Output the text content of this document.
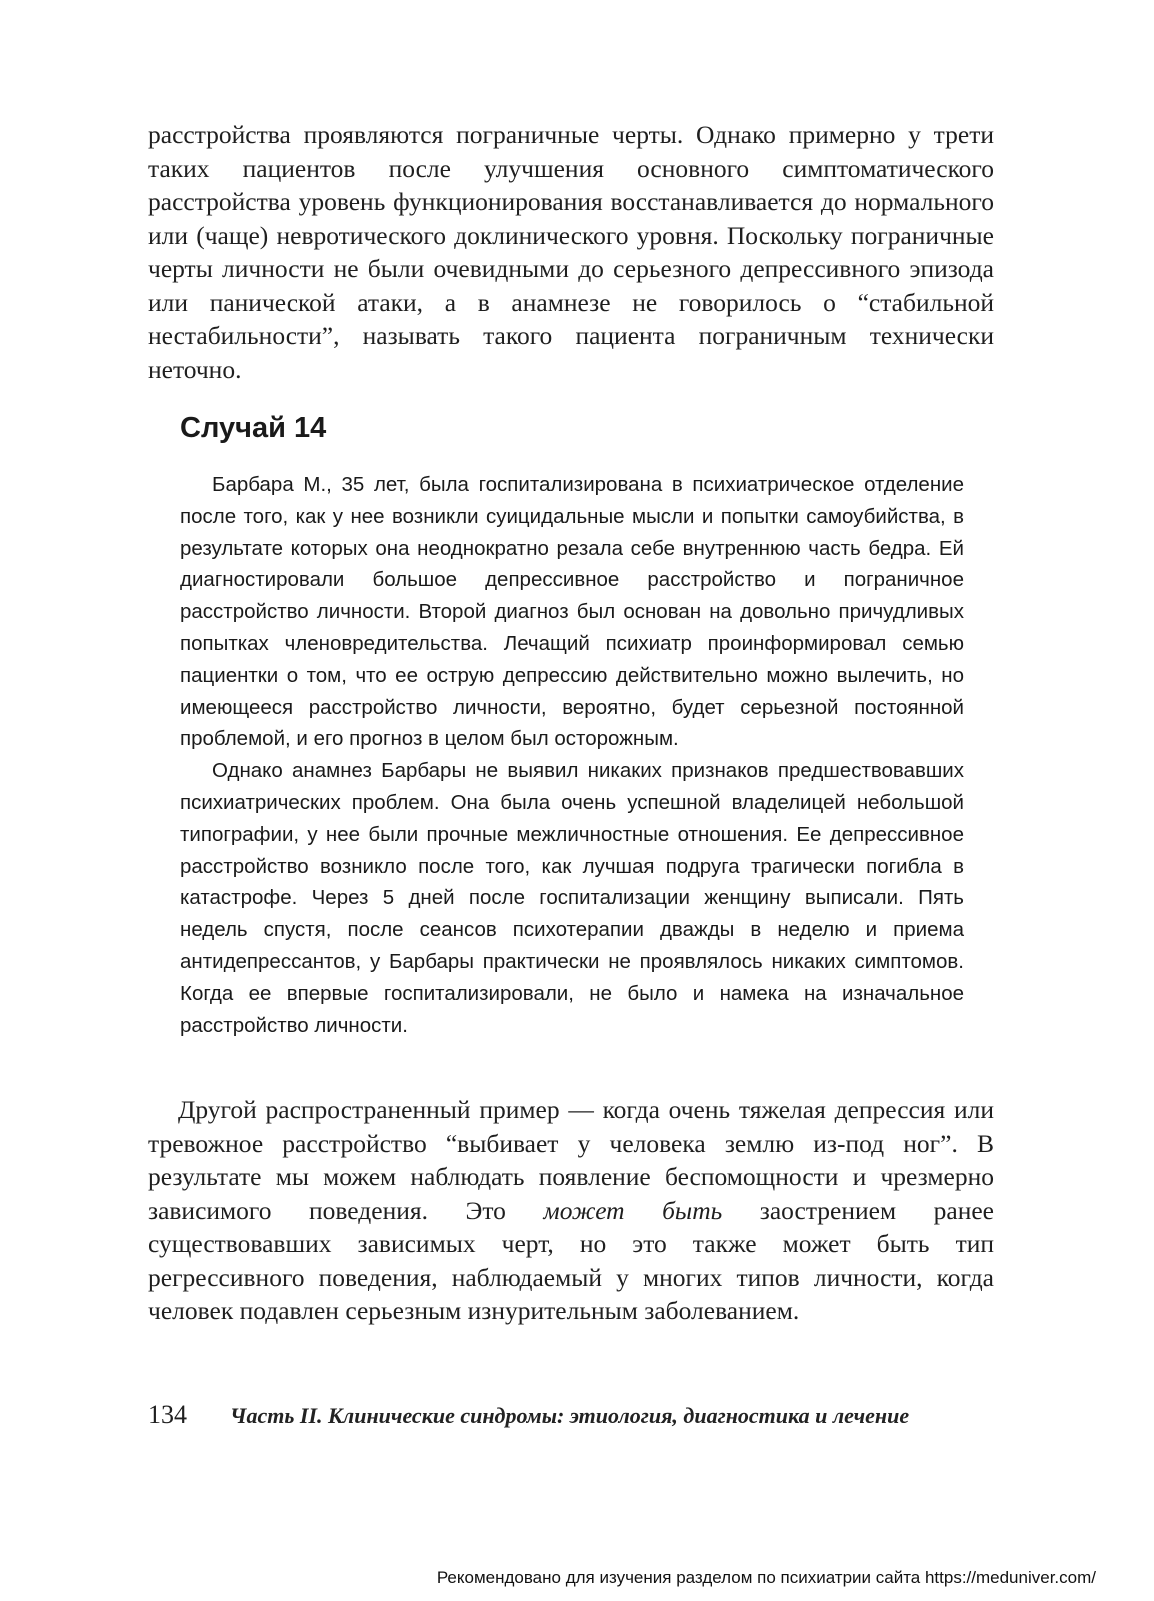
расстройства проявляются пограничные черты. Однако примерно у трети таких пациентов после улучшения основного симптоматического расстройства уровень функционирования восстанавливается до нормального или (чаще) невротического доклинического уровня. Поскольку пограничные черты личности не были очевидными до серьезного депрессивного эпизода или панической атаки, а в анамнезе не говорилось о “стабильной нестабильности”, называть такого пациента пограничным технически неточно.

Случай 14

Барбара М., 35 лет, была госпитализирована в психиатрическое отделение после того, как у нее возникли суицидальные мысли и попытки самоубийства, в результате которых она неоднократно резала себе внутреннюю часть бедра. Ей диагностировали большое депрессивное расстройство и пограничное расстройство личности. Второй диагноз был основан на довольно причудливых попытках членовредительства. Лечащий психиатр проинформировал семью пациентки о том, что ее острую депрессию действительно можно вылечить, но имеющееся расстройство личности, вероятно, будет серьезной постоянной проблемой, и его прогноз в целом был осторожным.

Однако анамнез Барбары не выявил никаких признаков предшествовавших психиатрических проблем. Она была очень успешной владелицей небольшой типографии, у нее были прочные межличностные отношения. Ее депрессивное расстройство возникло после того, как лучшая подруга трагически погибла в катастрофе. Через 5 дней после госпитализации женщину выписали. Пять недель спустя, после сеансов психотерапии дважды в неделю и приема антидепрессантов, у Барбары практически не проявлялось никаких симптомов. Когда ее впервые госпитализировали, не было и намека на изначальное расстройство личности.

Другой распространенный пример — когда очень тяжелая депрессия или тревожное расстройство “выбивает у человека землю из-под ног”. В результате мы можем наблюдать появление беспомощности и чрезмерно зависимого поведения. Это может быть заострением ранее существовавших зависимых черт, но это также может быть тип регрессивного поведения, наблюдаемый у многих типов личности, когда человек подавлен серьезным изнурительным заболеванием.

134 Часть II. Клинические синдромы: этиология, диагностика и лечение
Рекомендовано для изучения разделом по психиатрии сайта https://meduniver.com/
